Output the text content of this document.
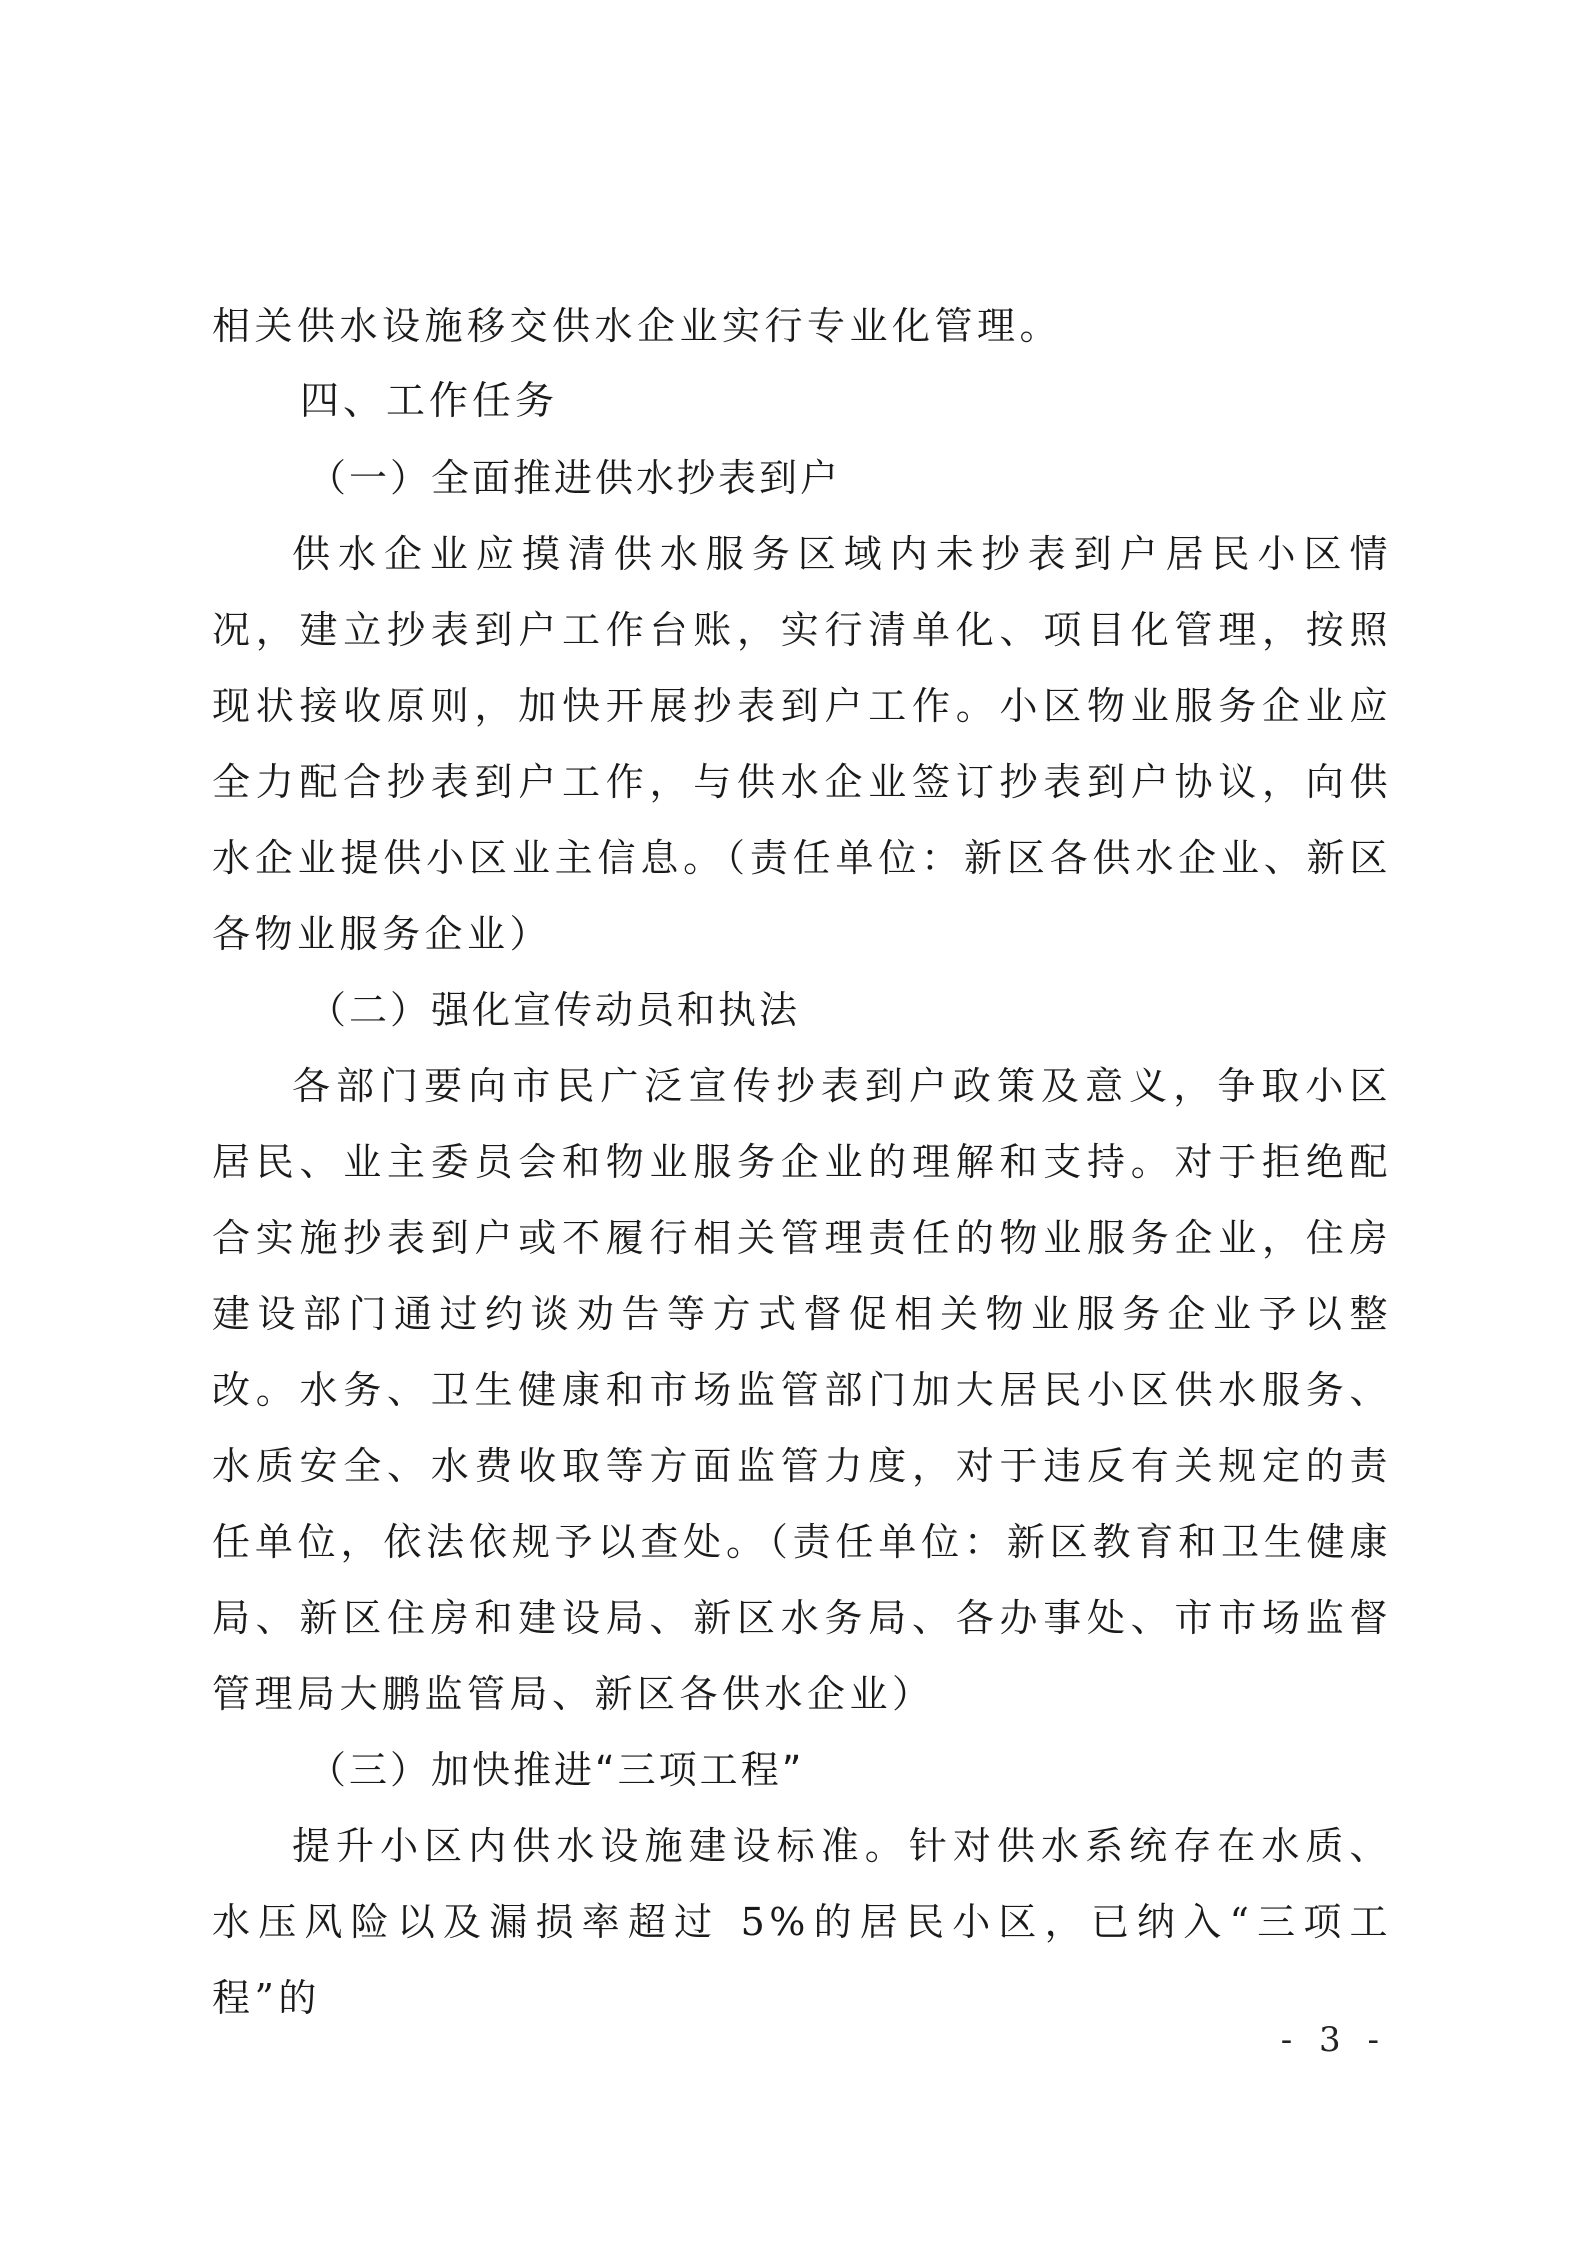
相关供水设施移交供水企业实行专业化管理。

四、工作任务

（一）全面推进供水抄表到户

供水企业应摸清供水服务区域内未抄表到户居民小区情况，建立抄表到户工作台账，实行清单化、项目化管理，按照现状接收原则，加快开展抄表到户工作。小区物业服务企业应全力配合抄表到户工作，与供水企业签订抄表到户协议，向供水企业提供小区业主信息。（责任单位：新区各供水企业、新区各物业服务企业）

（二）强化宣传动员和执法

各部门要向市民广泛宣传抄表到户政策及意义，争取小区居民、业主委员会和物业服务企业的理解和支持。对于拒绝配合实施抄表到户或不履行相关管理责任的物业服务企业，住房建设部门通过约谈劝告等方式督促相关物业服务企业予以整改。水务、卫生健康和市场监管部门加大居民小区供水服务、水质安全、水费收取等方面监管力度，对于违反有关规定的责任单位，依法依规予以查处。（责任单位：新区教育和卫生健康局、新区住房和建设局、新区水务局、各办事处、市市场监督管理局大鹏监管局、新区各供水企业）

（三）加快推进“三项工程”

提升小区内供水设施建设标准。针对供水系统存在水质、水压风险以及漏损率超过 5%的居民小区，已纳入“三项工程”的

- 3 -
